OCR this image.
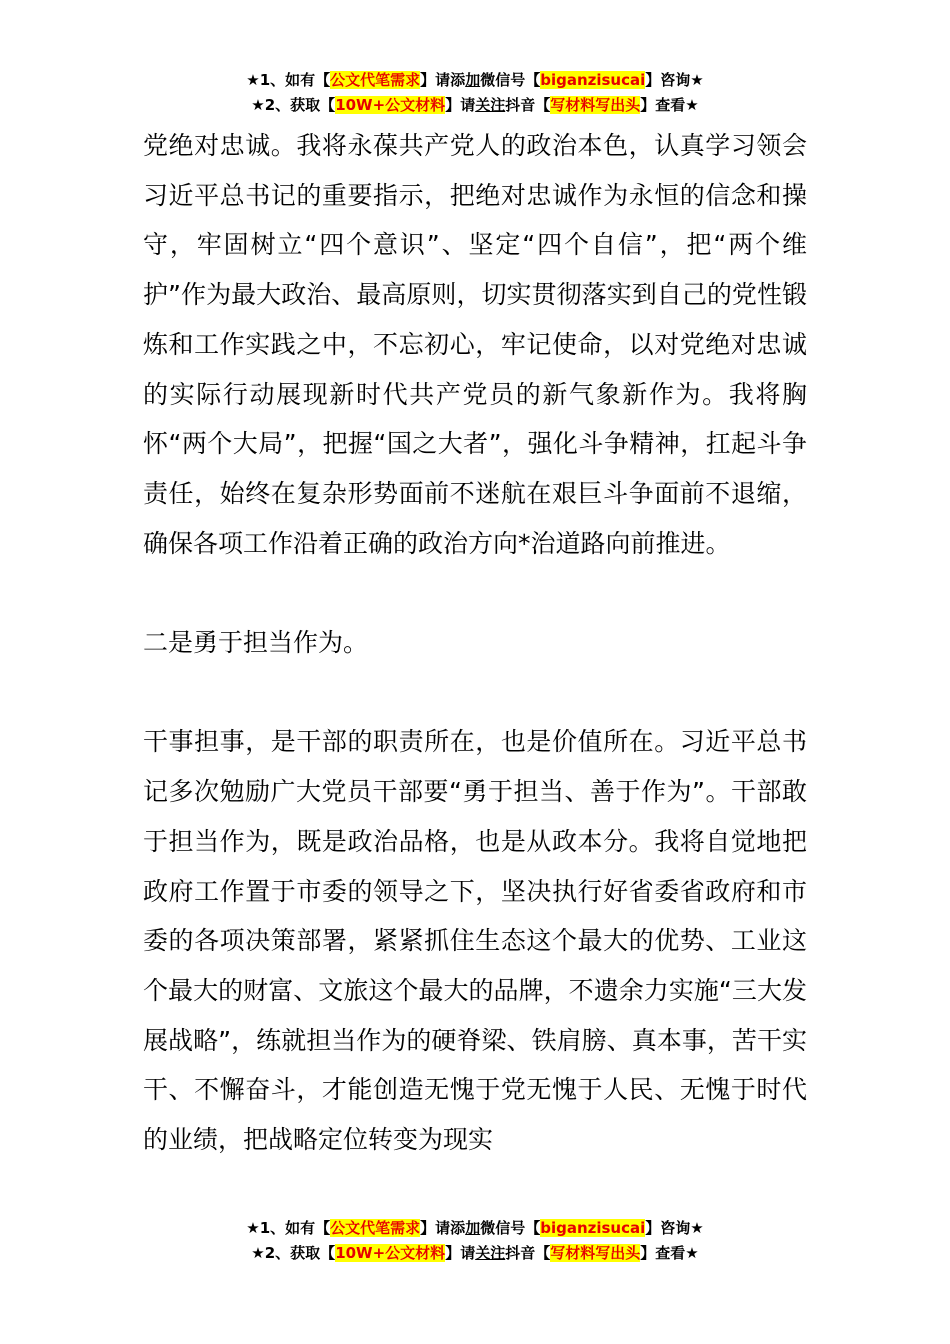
★1、如有【公文代笔需求】请添加微信号【biganzisucai】咨询★
★2、获取【10W+公文材料】请关注抖音【写材料写出头】查看★

党绝对忠诚。我将永葆共产党人的政治本色，认真学习领会习近平总书记的重要指示，把绝对忠诚作为永恒的信念和操守，牢固树立“四个意识”、坚定“四个自信”，把“两个维护”作为最大政治、最高原则，切实贯彻落实到自己的党性锻炼和工作实践之中，不忘初心，牢记使命，以对党绝对忠诚的实际行动展现新时代共产党员的新气象新作为。我将胸怀“两个大局”，把握“国之大者”，强化斗争精神，扛起斗争责任，始终在复杂形势面前不迷航在艰巨斗争面前不退缩，确保各项工作沿着正确的政治方向*治道路向前推进。

二是勇于担当作为。

干事担事，是干部的职责所在，也是价值所在。习近平总书记多次勉励广大党员干部要“勇于担当、善于作为”。干部敢于担当作为，既是政治品格，也是从政本分。我将自觉地把政府工作置于市委的领导之下，坚决执行好省委省政府和市委的各项决策部署，紧紧抓住生态这个最大的优势、工业这个最大的财富、文旅这个最大的品牌，不遗余力实施“三大发展战略”，练就担当作为的硬脊梁、铁肩膀、真本事，苦干实干、不懈奋斗，才能创造无愧于党无愧于人民、无愧于时代的业绩，把战略定位转变为现实

★1、如有【公文代笔需求】请添加微信号【biganzisucai】咨询★
★2、获取【10W+公文材料】请关注抖音【写材料写出头】查看★
